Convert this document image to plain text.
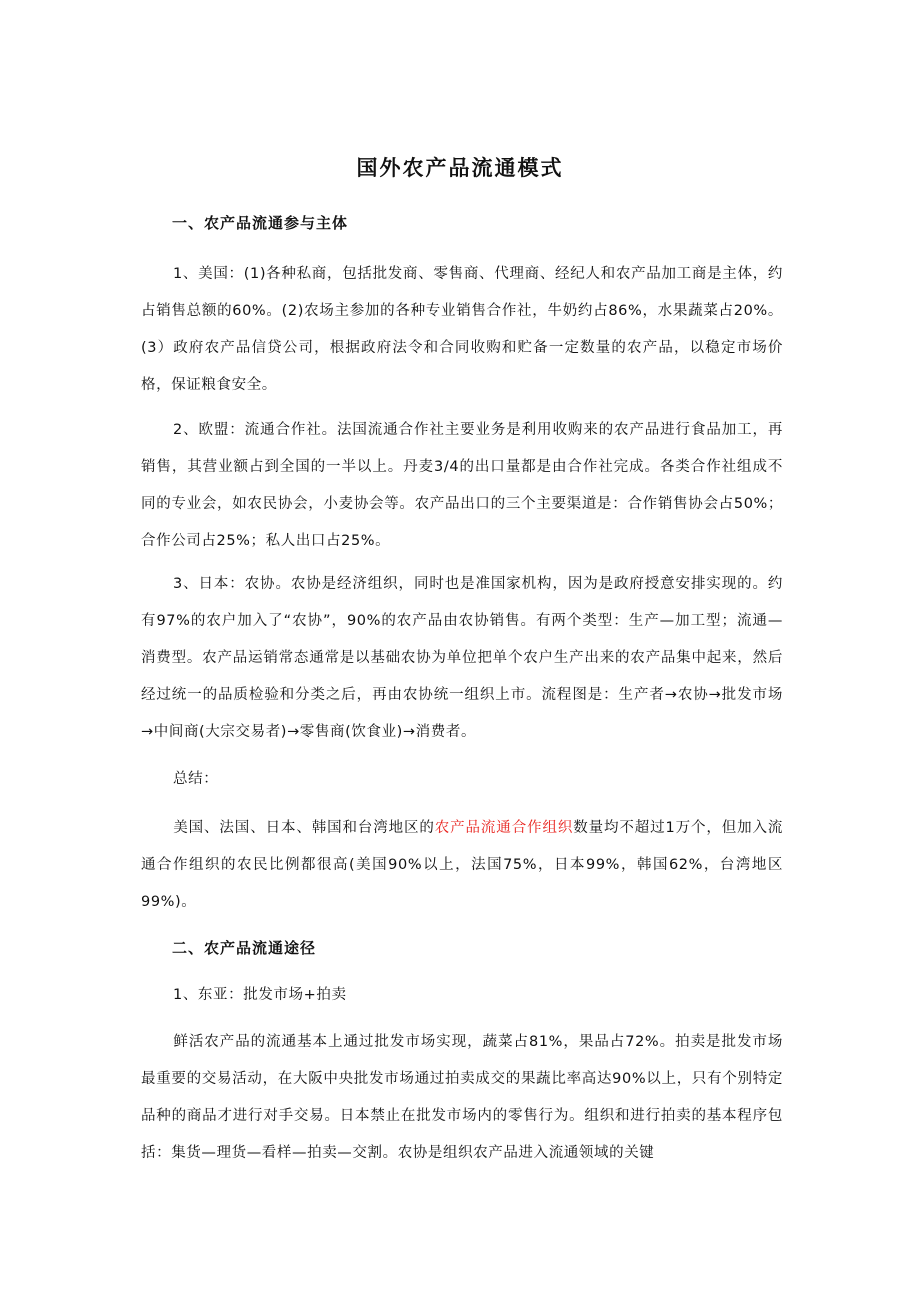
国外农产品流通模式
一、农产品流通参与主体
1、美国：(1)各种私商，包括批发商、零售商、代理商、经纪人和农产品加工商是主体，约占销售总额的60%。(2)农场主参加的各种专业销售合作社，牛奶约占86%，水果蔬菜占20%。(3）政府农产品信贷公司，根据政府法令和合同收购和贮备一定数量的农产品，以稳定市场价格，保证粮食安全。
2、欧盟：流通合作社。法国流通合作社主要业务是利用收购来的农产品进行食品加工，再销售，其营业额占到全国的一半以上。丹麦3/4的出口量都是由合作社完成。各类合作社组成不同的专业会，如农民协会，小麦协会等。农产品出口的三个主要渠道是：合作销售协会占50%；合作公司占25%；私人出口占25%。
3、日本：农协。农协是经济组织，同时也是准国家机构，因为是政府授意安排实现的。约有97%的农户加入了“农协”，90%的农产品由农协销售。有两个类型：生产—加工型；流通—消费型。农产品运销常态通常是以基础农协为单位把单个农户生产出来的农产品集中起来，然后经过统一的品质检验和分类之后，再由农协统一组织上市。流程图是：生产者→农协→批发市场→中间商(大宗交易者)→零售商(饮食业)→消费者。
总结：
美国、法国、日本、韩国和台湾地区的农产品流通合作组织数量均不超过1万个，但加入流通合作组织的农民比例都很高(美国90%以上，法国75%，日本99%，韩国62%，台湾地区99%)。
二、农产品流通途径
1、东亚：批发市场+拍卖
鲜活农产品的流通基本上通过批发市场实现，蔬菜占81%，果品占72%。拍卖是批发市场最重要的交易活动，在大阪中央批发市场通过拍卖成交的果蔬比率高达90%以上，只有个别特定品种的商品才进行对手交易。日本禁止在批发市场内的零售行为。组织和进行拍卖的基本程序包括：集货—理货—看样—拍卖—交割。农协是组织农产品进入流通领域的关键
